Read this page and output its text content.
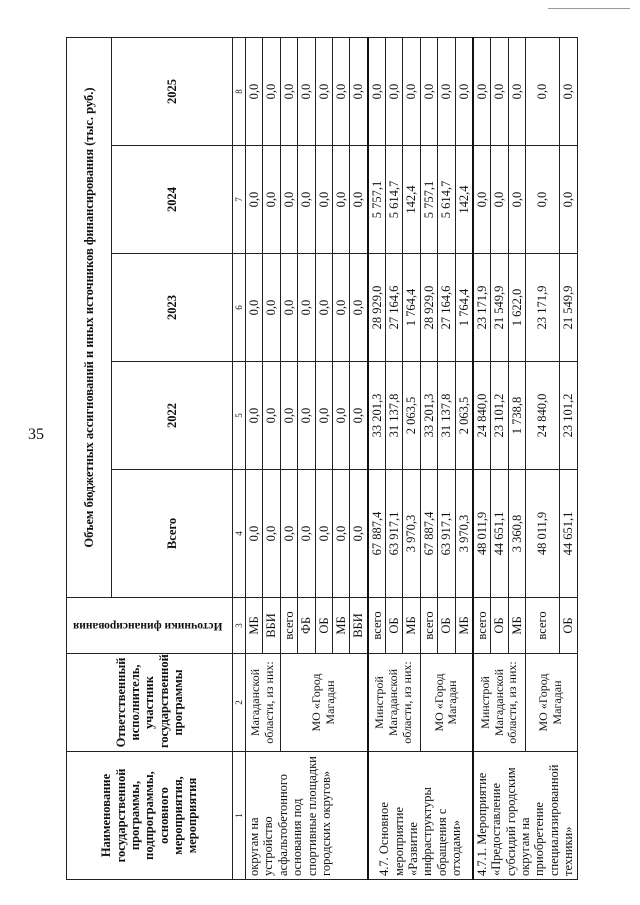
35
Наименование государственной программы, подпрограммы, основного мероприятия, мероприятия	Ответственный исполнитель, участник государственной программы	Источники финансирования	Объем бюджетных ассигнований и иных источников финансирования (тыс. руб.)				
			Всего	2022	2023	2024	2025
1	2	3	4	5	6	7	8
округам на устройство асфальтобетонного основания под спортивные площадки городских округов»	Магаданской области, из них:	МБ	0,0	0,0	0,0	0,0	0,0
		ВБИ	0,0	0,0	0,0	0,0	0,0
	МО «Город Магадан	всего	0,0	0,0	0,0	0,0	0,0
		ФБ	0,0	0,0	0,0	0,0	0,0
		ОБ	0,0	0,0	0,0	0,0	0,0
		МБ	0,0	0,0	0,0	0,0	0,0
		ВБИ	0,0	0,0	0,0	0,0	0,0
4.7. Основное мероприятие «Развитие инфраструктуры обращения с отходами»	Минстрой Магаданской области, из них:	всего	67 887,4	33 201,3	28 929,0	5 757,1	0,0
		ОБ	63 917,1	31 137,8	27 164,6	5 614,7	0,0
		МБ	3 970,3	2 063,5	1 764,4	142,4	0,0
	МО «Город Магадан	всего	67 887,4	33 201,3	28 929,0	5 757,1	0,0
		ОБ	63 917,1	31 137,8	27 164,6	5 614,7	0,0
		МБ	3 970,3	2 063,5	1 764,4	142,4	0,0
4.7.1. Мероприятие «Предоставление субсидий городским округам на приобретение специализированной техники»	Минстрой Магаданской области, из них:	всего	48 011,9	24 840,0	23 171,9	0,0	0,0
		ОБ	44 651,1	23 101,2	21 549,9	0,0	0,0
		МБ	3 360,8	1 738,8	1 622,0	0,0	0,0
	МО «Город Магадан	всего	48 011,9	24 840,0	23 171,9	0,0	0,0
		ОБ	44 651,1	23 101,2	21 549,9	0,0	0,0
